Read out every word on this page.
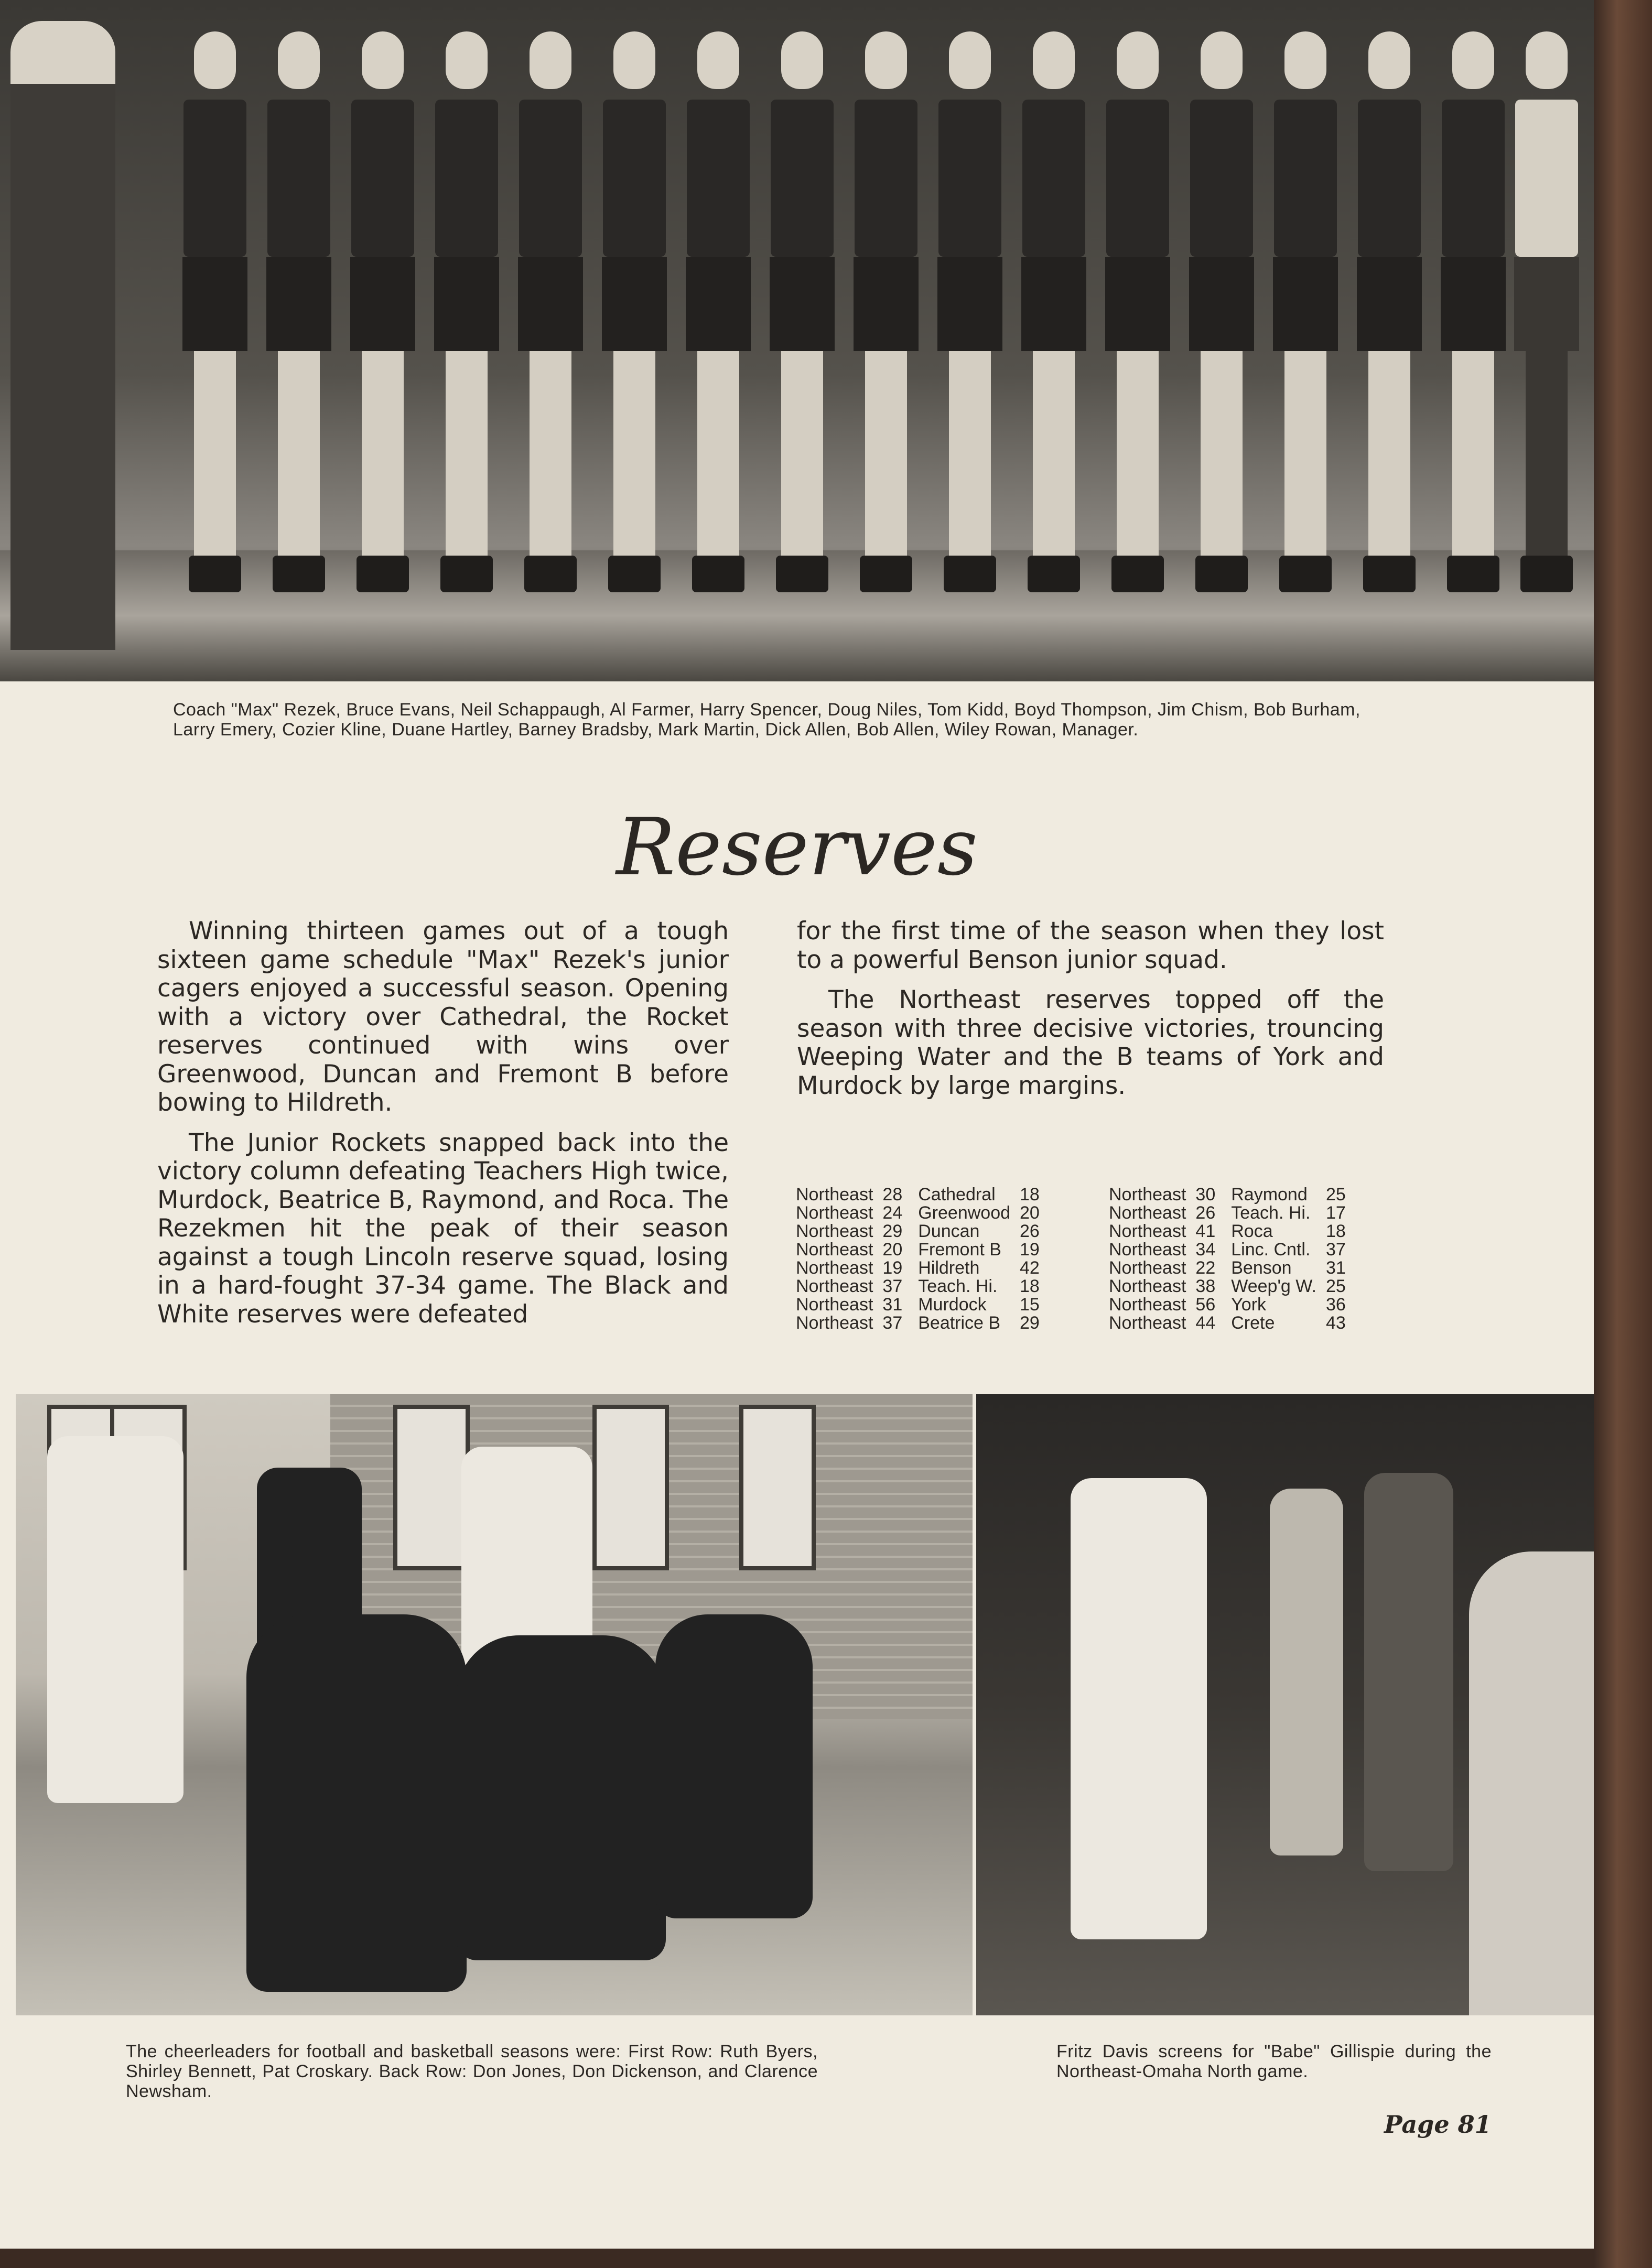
Coach "Max" Rezek, Bruce Evans, Neil Schappaugh, Al Farmer, Harry Spencer, Doug Niles, Tom Kidd, Boyd Thompson, Jim Chism, Bob Burham, Larry Emery, Cozier Kline, Duane Hartley, Barney Bradsby, Mark Martin, Dick Allen, Bob Allen, Wiley Rowan, Manager.
Reserves

Winning thirteen games out of a tough sixteen game schedule "Max" Rezek's junior cagers enjoyed a successful season. Opening with a victory over Cathedral, the Rocket reserves continued with wins over Greenwood, Duncan and Fremont B before bowing to Hildreth.

The Junior Rockets snapped back into the victory column defeating Teachers High twice, Murdock, Beatrice B, Raymond, and Roca. The Rezekmen hit the peak of their season against a tough Lincoln reserve squad, losing in a hard-fought 37-34 game. The Black and White reserves were defeated

for the first time of the season when they lost to a powerful Benson junior squad.

The Northeast reserves topped off the season with three decisive victories, trouncing Weeping Water and the B teams of York and Murdock by large margins.

Northeast	28	Cathedral	18
Northeast	24	Greenwood	20
Northeast	29	Duncan	26
Northeast	20	Fremont B	19
Northeast	19	Hildreth	42
Northeast	37	Teach. Hi.	18
Northeast	31	Murdock	15
Northeast	37	Beatrice B	29
Northeast	30	Raymond	25
Northeast	26	Teach. Hi.	17
Northeast	41	Roca	18
Northeast	34	Linc. Cntl.	37
Northeast	22	Benson	31
Northeast	38	Weep'g W.	25
Northeast	56	York	36
Northeast	44	Crete	43
The cheerleaders for football and basketball seasons were: First Row: Ruth Byers, Shirley Bennett, Pat Croskary. Back Row: Don Jones, Don Dickenson, and Clarence Newsham.
Fritz Davis screens for "Babe" Gillispie during the Northeast-Omaha North game.
Page 81
